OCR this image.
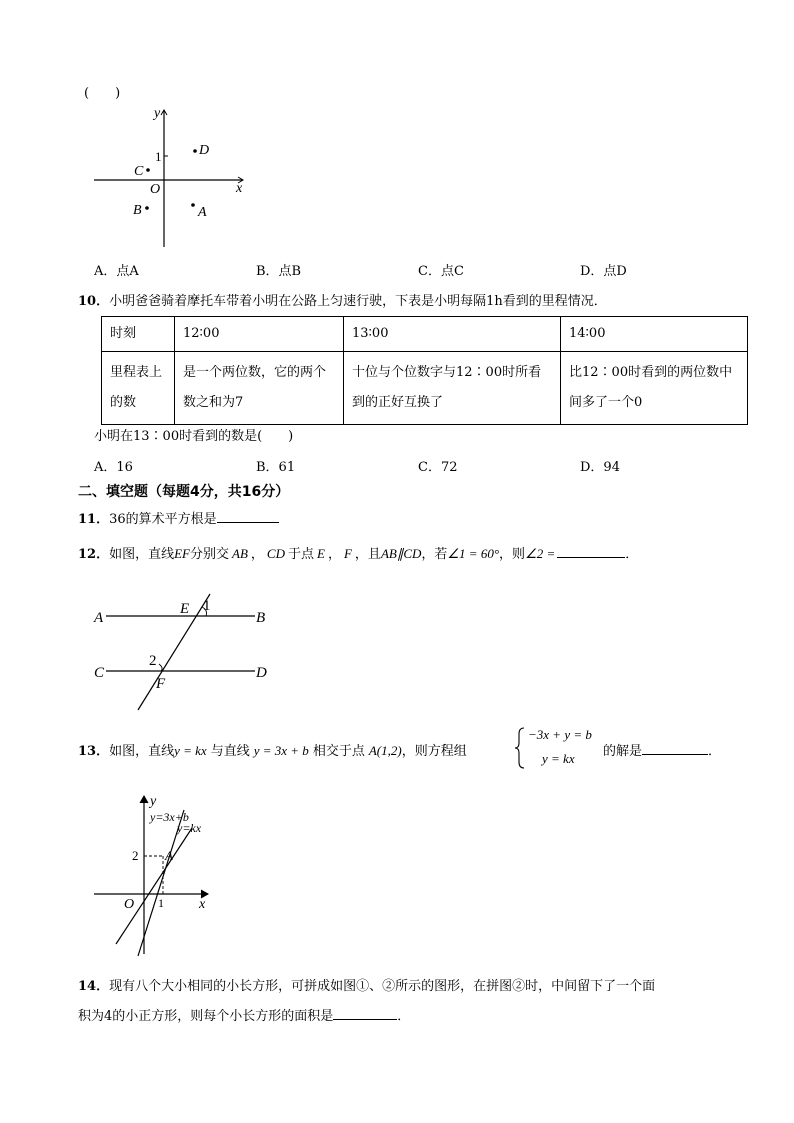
(　　)
y
x
O
1	D
C
B	A
A．点A	B．点B	C．点C	D．点D
10．小明爸爸骑着摩托车带着小明在公路上匀速行驶，下表是小明每隔1h看到的里程情况．
时刻	12∶00	13∶00	14∶00
里程表上的数	是一个两位数，它的两个数之和为7	十位与个位数字与12∶00时所看到的正好互换了	比12∶00时看到的两位数中间多了一个0
小明在13∶00时看到的数是(　　)
A．16	B．61	C．72	D．94
二、填空题（每题4分，共16分）
11．36的算术平方根是
12．如图，直线EF分别交 AB ， CD 于点 E ， F ，且AB∥CD，若∠1 = 60°，则∠2 =	．
A	B
C	D
E 1
2
F
13．如图，直线y = kx 与直线 y = 3x + b 相交于点 A(1,2)，则方程组
−3x + y = b
y = kx 的解是	．
y
x
O 1
2 A
y=3x+b
y=kx
14．现有八个大小相同的小长方形，可拼成如图①、②所示的图形，在拼图②时，中间留下了一个面
积为4的小正方形，则每个小长方形的面积是	．
